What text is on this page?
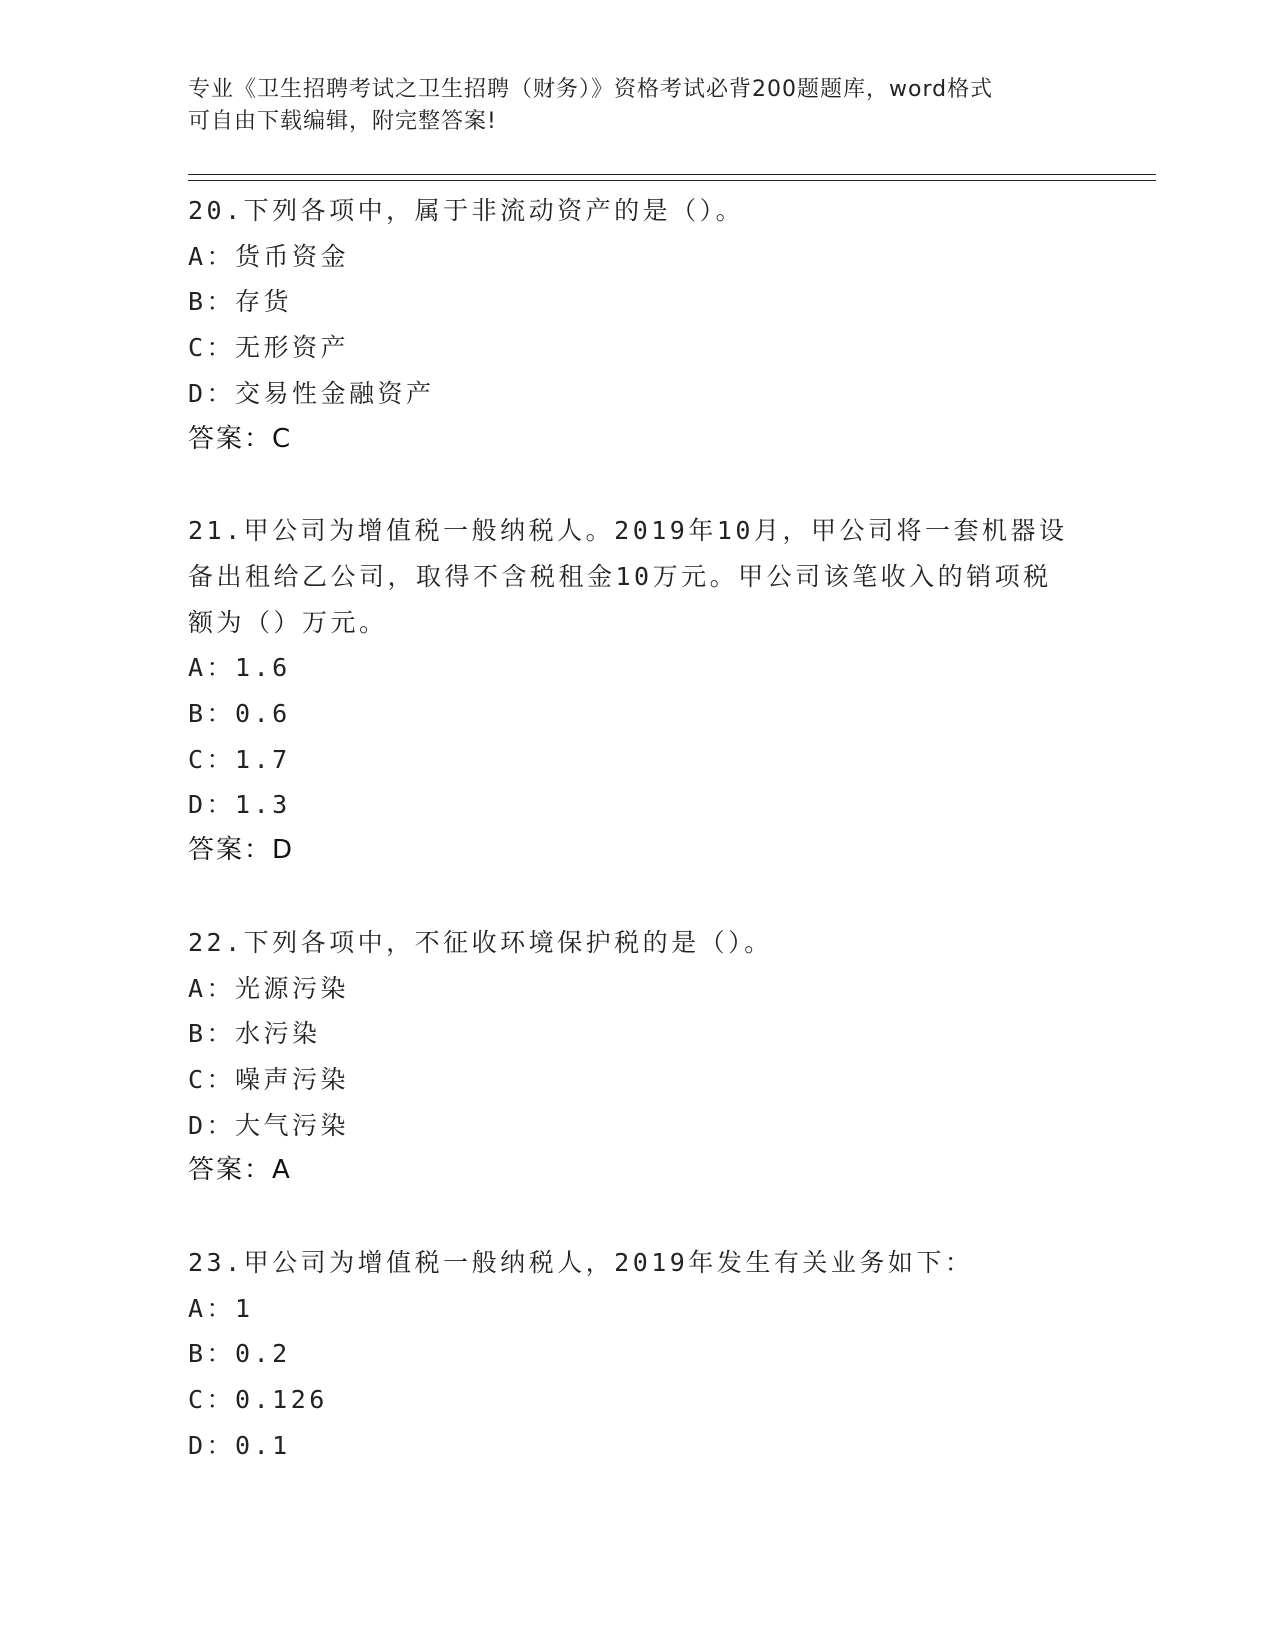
专业《卫生招聘考试之卫生招聘（财务）》资格考试必背200题题库，word格式
可自由下载编辑，附完整答案!
20.下列各项中，属于非流动资产的是（）。
A：货币资金
B：存货
C：无形资产
D：交易性金融资产
答案：C
21.甲公司为增值税一般纳税人。2019年10月，甲公司将一套机器设
备出租给乙公司，取得不含税租金10万元。甲公司该笔收入的销项税
额为（）万元。
A：1.6
B：0.6
C：1.7
D：1.3
答案：D
22.下列各项中，不征收环境保护税的是（）。
A：光源污染
B：水污染
C：噪声污染
D：大气污染
答案：A
23.甲公司为增值税一般纳税人，2019年发生有关业务如下：
A：1
B：0.2
C：0.126
D：0.1
